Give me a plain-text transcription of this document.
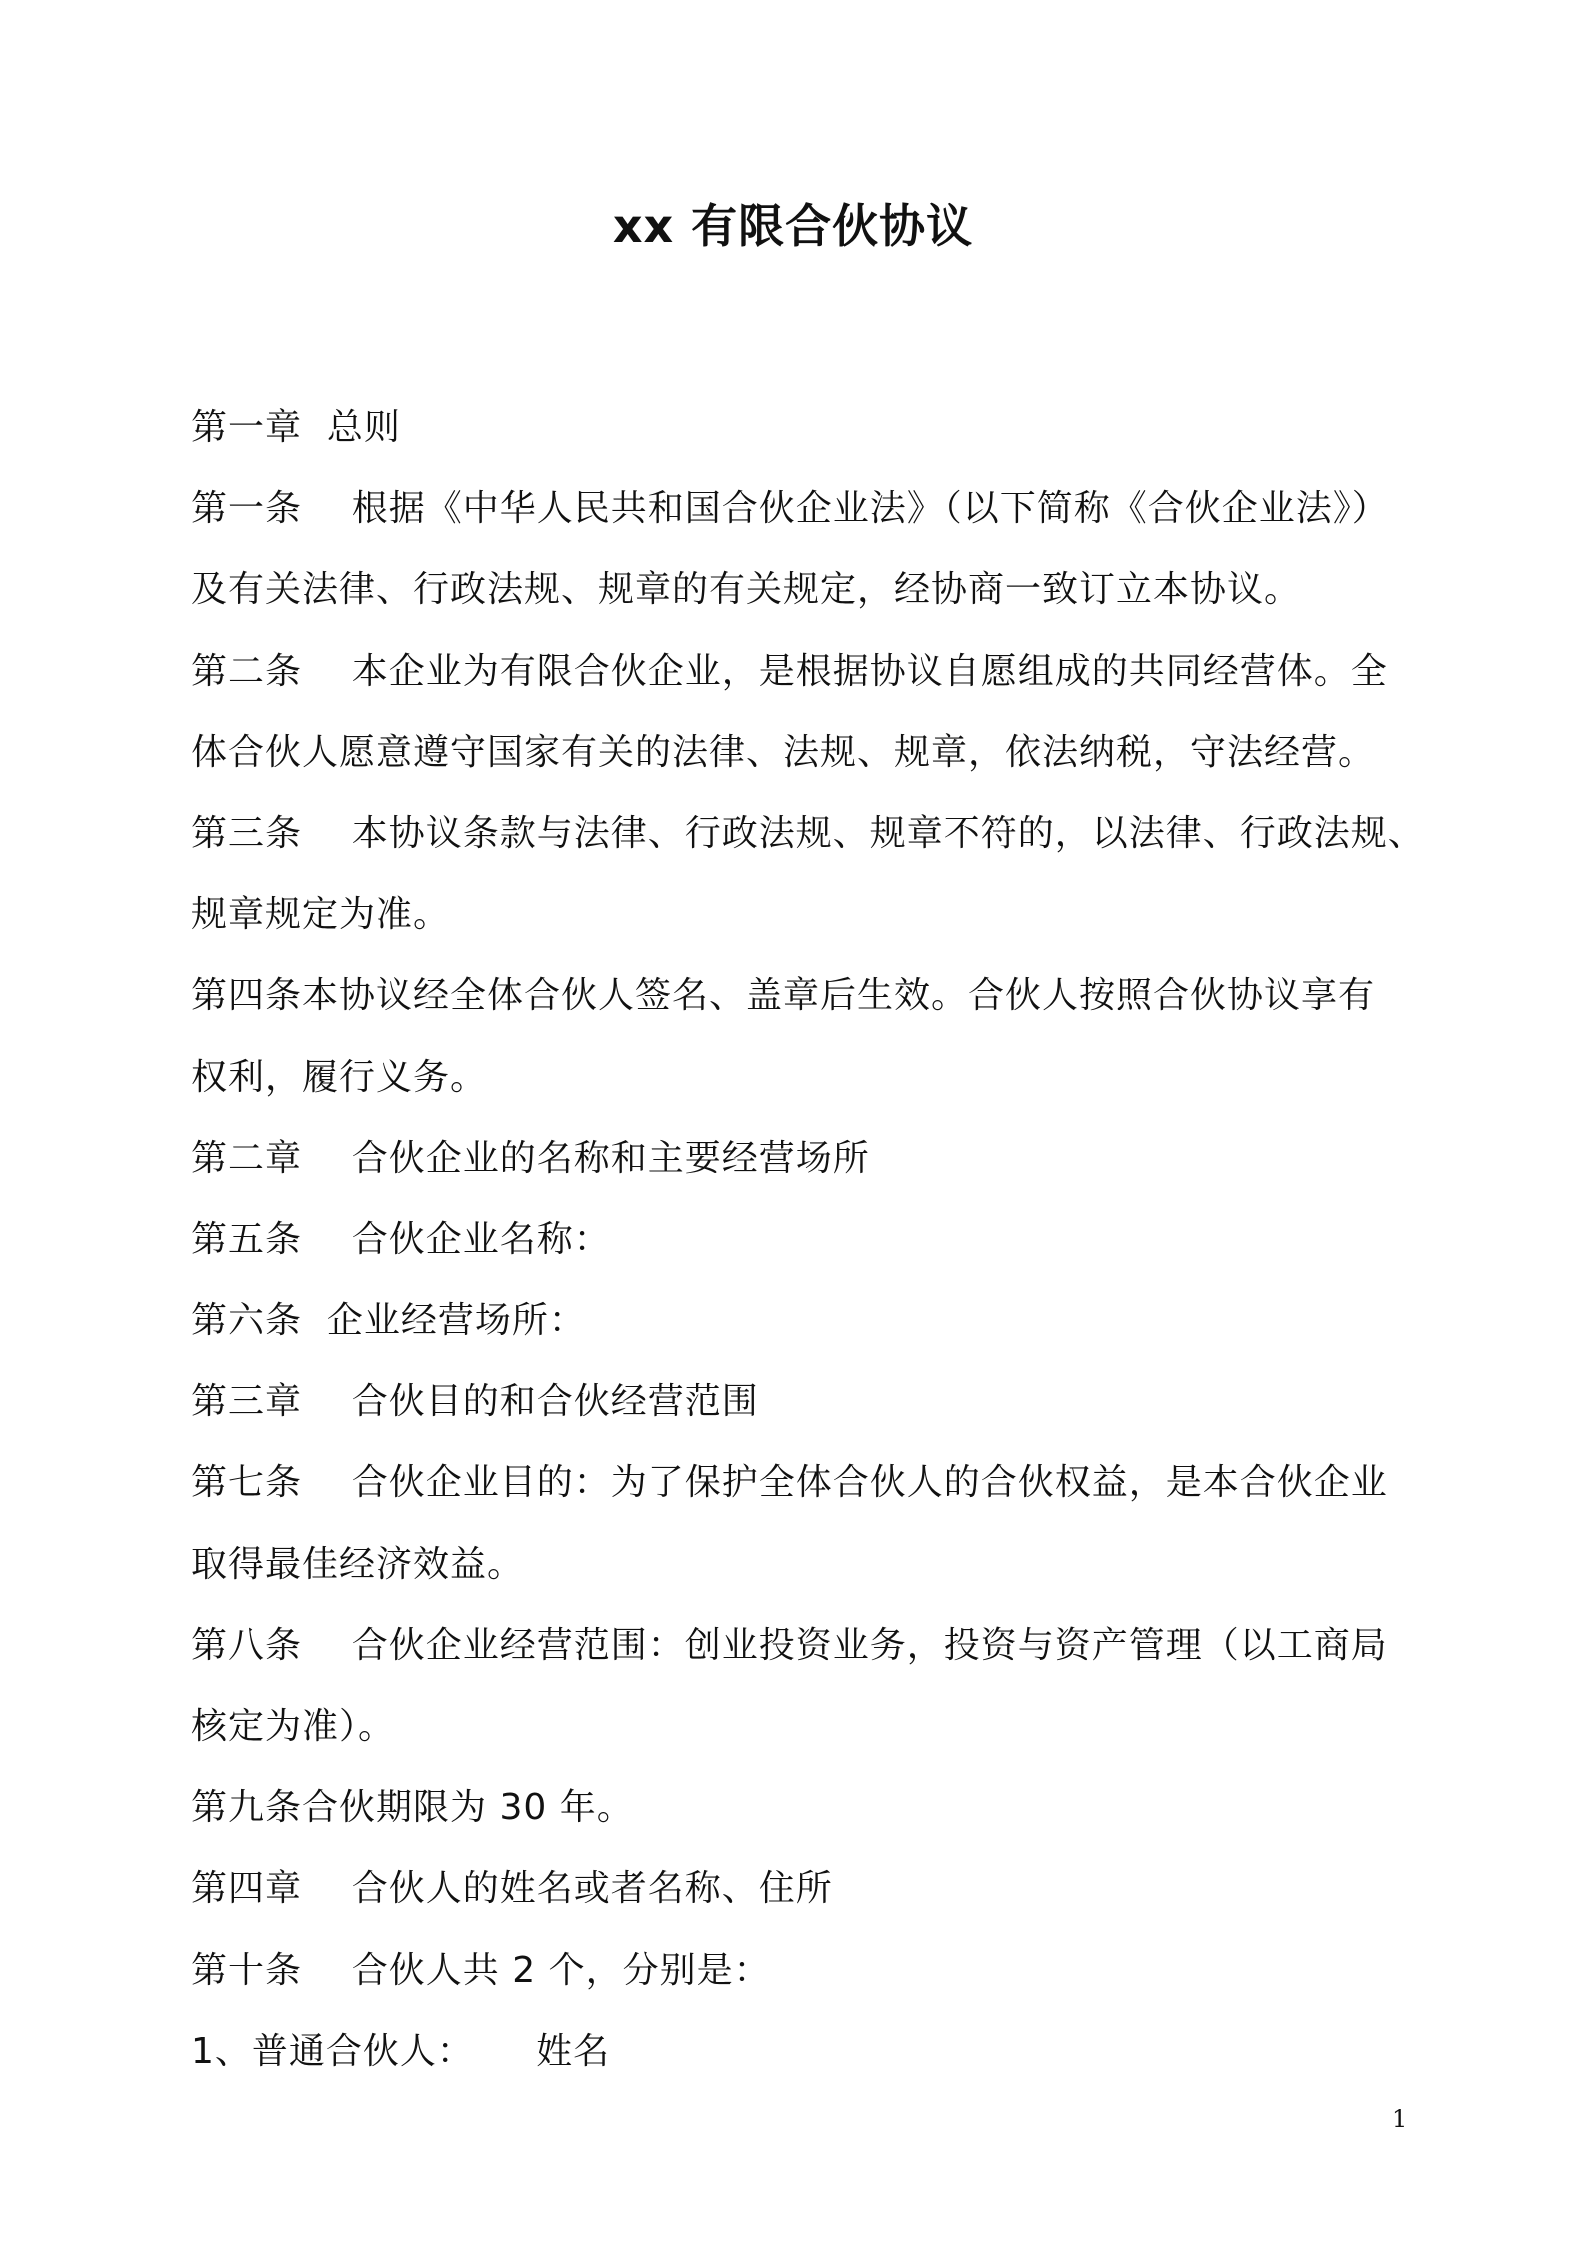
xx 有限合伙协议
第一章  总则
第一条    根据《中华人民共和国合伙企业法》（以下简称《合伙企业法》）
及有关法律、行政法规、规章的有关规定，经协商一致订立本协议。
第二条    本企业为有限合伙企业，是根据协议自愿组成的共同经营体。全
体合伙人愿意遵守国家有关的法律、法规、规章，依法纳税，守法经营。
第三条    本协议条款与法律、行政法规、规章不符的，以法律、行政法规、
规章规定为准。
第四条本协议经全体合伙人签名、盖章后生效。合伙人按照合伙协议享有
权利，履行义务。
第二章    合伙企业的名称和主要经营场所
第五条    合伙企业名称：
第六条  企业经营场所：
第三章    合伙目的和合伙经营范围
第七条    合伙企业目的：为了保护全体合伙人的合伙权益，是本合伙企业
取得最佳经济效益。
第八条    合伙企业经营范围：创业投资业务，投资与资产管理（以工商局
核定为准）。
第九条合伙期限为 30 年。
第四章    合伙人的姓名或者名称、住所
第十条    合伙人共 2 个，分别是：
1、普通合伙人：     姓名
1
